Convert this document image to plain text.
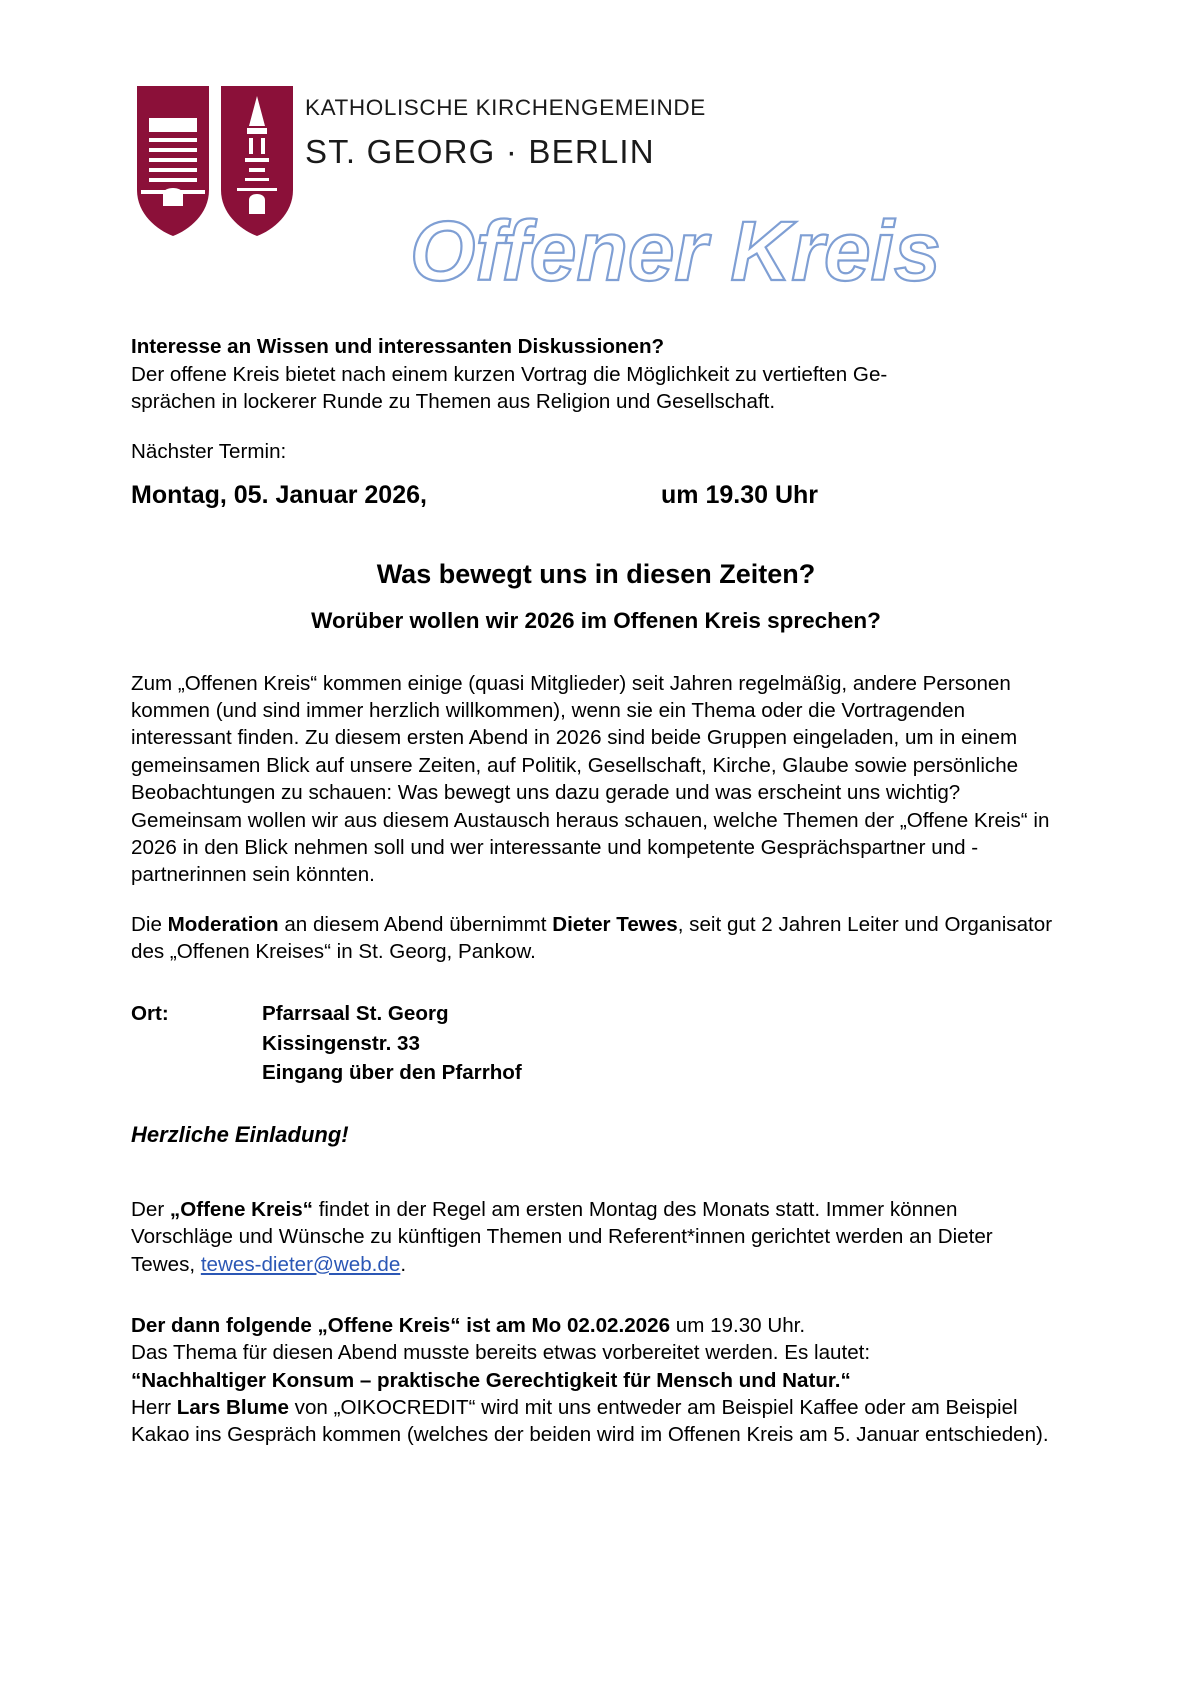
KATHOLISCHE KIRCHENGEMEINDE
ST. GEORG · BERLIN
Offener Kreis
Interesse an Wissen und interessanten Diskussionen?
Der offene Kreis bietet nach einem kurzen Vortrag die Möglichkeit zu vertieften Ge-
sprächen in lockerer Runde zu Themen aus Religion und Gesellschaft.
Nächster Termin:
Montag, 05. Januar 2026,	um 19.30 Uhr
Was bewegt uns in diesen Zeiten?
Worüber wollen wir 2026 im Offenen Kreis sprechen?
Zum „Offenen Kreis“ kommen einige (quasi Mitglieder) seit Jahren regelmäßig, andere Personen kommen (und sind immer herzlich willkommen), wenn sie ein Thema oder die Vortragenden interessant finden. Zu diesem ersten Abend in 2026 sind beide Gruppen eingeladen, um in einem gemeinsamen Blick auf unsere Zeiten, auf Politik, Gesellschaft, Kirche, Glaube sowie persönliche Beobachtungen zu schauen: Was bewegt uns dazu gerade und was erscheint uns wichtig?
Gemeinsam wollen wir aus diesem Austausch heraus schauen, welche Themen der „Offene Kreis“ in 2026 in den Blick nehmen soll und wer interessante und kompetente Gesprächspartner und -partnerinnen sein könnten.
Die Moderation an diesem Abend übernimmt Dieter Tewes, seit gut 2 Jahren Leiter und Organisator des „Offenen Kreises“ in St. Georg, Pankow.
Ort:	Pfarrsaal St. Georg
Kissingenstr. 33
Eingang über den Pfarrhof
Herzliche Einladung!
Der „Offene Kreis“ findet in der Regel am ersten Montag des Monats statt. Immer können Vorschläge und Wünsche zu künftigen Themen und Referent*innen gerichtet werden an Dieter Tewes, tewes-dieter@web.de.
Der dann folgende „Offene Kreis“ ist am Mo 02.02.2026 um 19.30 Uhr.
Das Thema für diesen Abend musste bereits etwas vorbereitet werden. Es lautet:
“Nachhaltiger Konsum – praktische Gerechtigkeit für Mensch und Natur.“
Herr Lars Blume von „OIKOCREDIT“ wird mit uns entweder am Beispiel Kaffee oder am Beispiel Kakao ins Gespräch kommen (welches der beiden wird im Offenen Kreis am 5. Januar entschieden).
